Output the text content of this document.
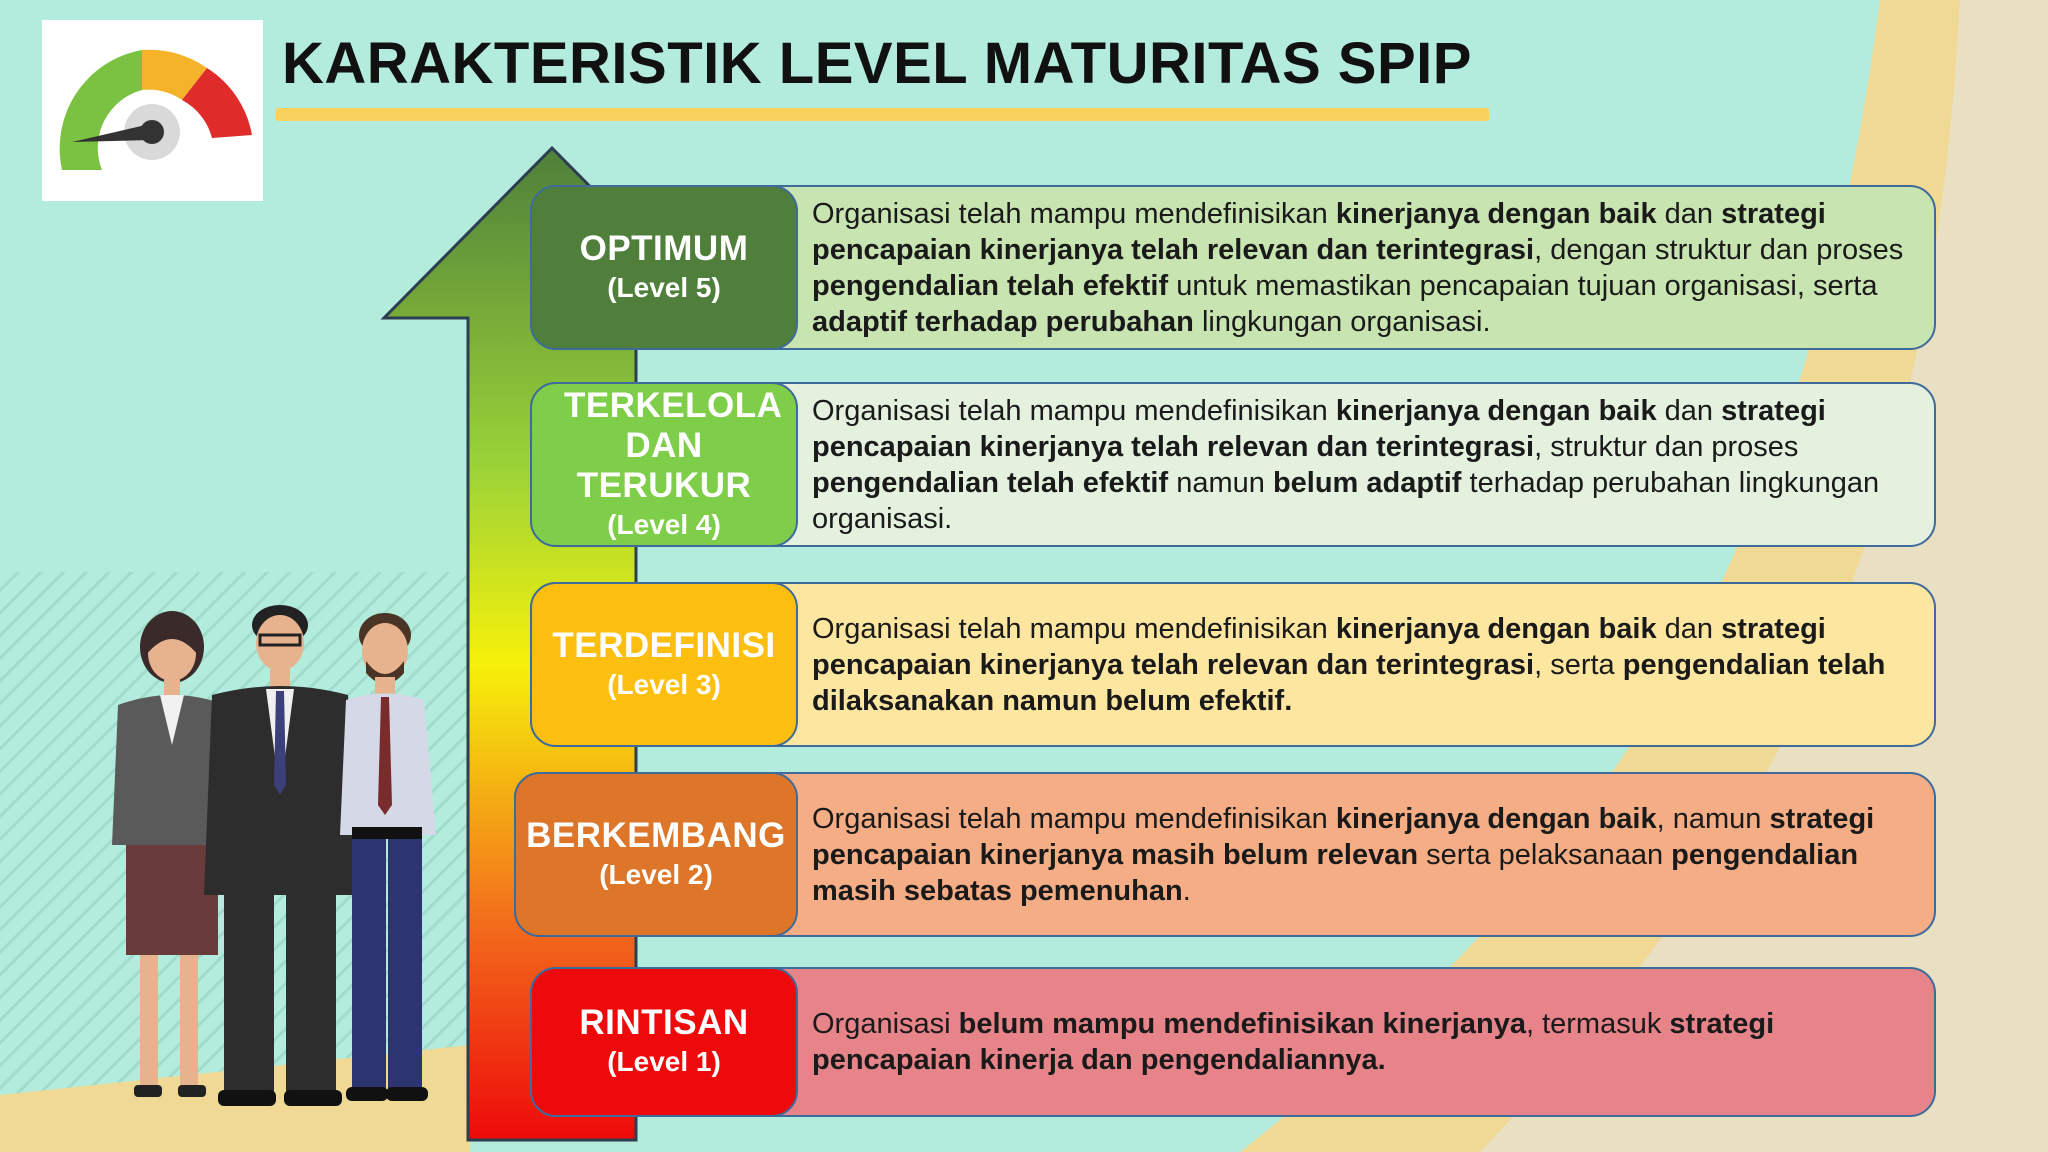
KARAKTERISTIK LEVEL MATURITAS SPIP
Organisasi telah mampu mendefinisikan kinerjanya dengan baik dan strategi pencapaian kinerjanya telah relevan dan terintegrasi, dengan struktur dan proses pengendalian telah efektif untuk memastikan pencapaian tujuan organisasi, serta adaptif terhadap perubahan lingkungan organisasi.
OPTIMUM
(Level 5)
Organisasi telah mampu mendefinisikan kinerjanya dengan baik dan strategi pencapaian kinerjanya telah relevan dan terintegrasi, struktur dan proses pengendalian telah efektif namun belum adaptif terhadap perubahan lingkungan organisasi.
TERKELOLA DAN TERUKUR
(Level 4)
Organisasi telah mampu mendefinisikan kinerjanya dengan baik dan strategi pencapaian kinerjanya telah relevan dan terintegrasi, serta pengendalian telah dilaksanakan namun belum efektif.
TERDEFINISI
(Level 3)
Organisasi telah mampu mendefinisikan kinerjanya dengan baik, namun strategi pencapaian kinerjanya masih belum relevan serta pelaksanaan pengendalian masih sebatas pemenuhan.
BERKEMBANG
(Level 2)
Organisasi belum mampu mendefinisikan kinerjanya, termasuk strategi pencapaian kinerja dan pengendaliannya.
RINTISAN
(Level 1)
